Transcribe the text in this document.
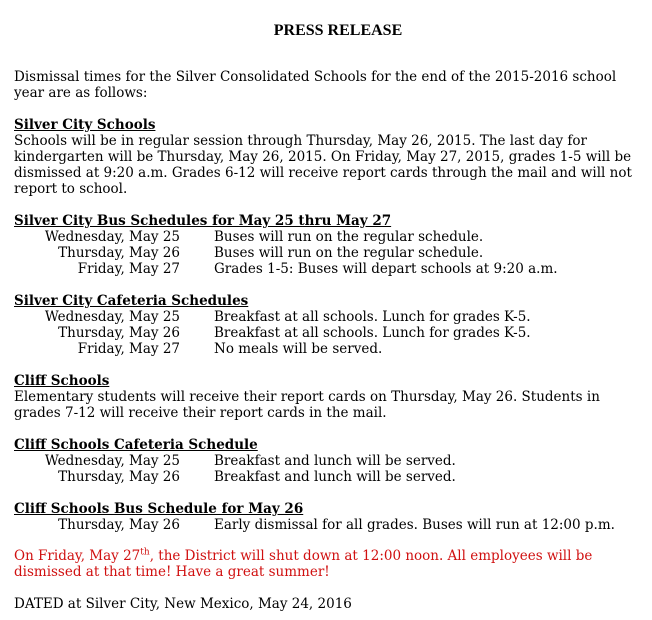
PRESS RELEASE

Dismissal times for the Silver Consolidated Schools for the end of the 2015-2016 school year are as follows:

Silver City Schools

Schools will be in regular session through Thursday, May 26, 2015. The last day for kindergarten will be Thursday, May 26, 2015. On Friday, May 27, 2015, grades 1-5 will be dismissed at 9:20 a.m. Grades 6-12 will receive report cards through the mail and will not report to school.

Silver City Bus Schedules for May 25 thru May 27
Wednesday, May 25	Buses will run on the regular schedule.
Thursday, May 26	Buses will run on the regular schedule.
Friday, May 27	Grades 1-5: Buses will depart schools at 9:20 a.m.
Silver City Cafeteria Schedules
Wednesday, May 25	Breakfast at all schools. Lunch for grades K-5.
Thursday, May 26	Breakfast at all schools. Lunch for grades K-5.
Friday, May 27	No meals will be served.
Cliff Schools

Elementary students will receive their report cards on Thursday, May 26. Students in grades 7-12 will receive their report cards in the mail.

Cliff Schools Cafeteria Schedule
Wednesday, May 25	Breakfast and lunch will be served.
Thursday, May 26	Breakfast and lunch will be served.
Cliff Schools Bus Schedule for May 26
Thursday, May 26	Early dismissal for all grades. Buses will run at 12:00 p.m.

On Friday, May 27th, the District will shut down at 12:00 noon. All employees will be dismissed at that time! Have a great summer!

DATED at Silver City, New Mexico, May 24, 2016
